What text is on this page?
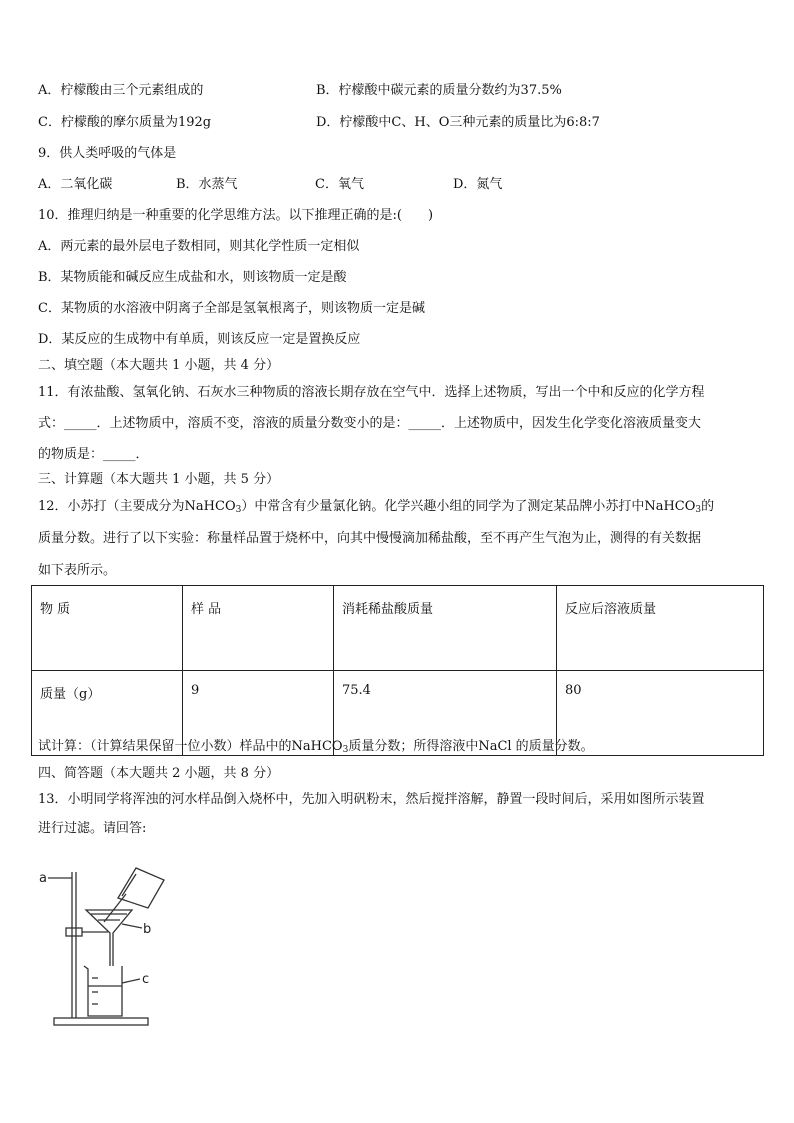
A．柠檬酸由三个元素组成的	B．柠檬酸中碳元素的质量分数约为37.5%
C．柠檬酸的摩尔质量为192g	D．柠檬酸中C、H、O三种元素的质量比为6:8:7
9．供人类呼吸的气体是
A．二氧化碳	B．水蒸气	C．氧气	D．氮气
10．推理归纳是一种重要的化学思维方法。以下推理正确的是:(　　)
A．两元素的最外层电子数相同，则其化学性质一定相似
B．某物质能和碱反应生成盐和水，则该物质一定是酸
C．某物质的水溶液中阴离子全部是氢氧根离子，则该物质一定是碱
D．某反应的生成物中有单质，则该反应一定是置换反应
二、填空题（本大题共 1 小题，共 4 分）
11．有浓盐酸、氢氧化钠、石灰水三种物质的溶液长期存放在空气中．选择上述物质，写出一个中和反应的化学方程
式：_____．上述物质中，溶质不变，溶液的质量分数变小的是：_____．上述物质中，因发生化学变化溶液质量变大
的物质是：_____．
三、计算题（本大题共 1 小题，共 5 分）
12．小苏打（主要成分为NaHCO$_3$）中常含有少量氯化钠。化学兴趣小组的同学为了测定某品牌小苏打中NaHCO$_3$的
质量分数。进行了以下实验：称量样品置于烧杯中，向其中慢慢滴加稀盐酸，至不再产生气泡为止，测得的有关数据
如下表所示。
物 质	样 品	消耗稀盐酸质量	反应后溶液质量
质量（g）	9	75.4	80
试计算：（计算结果保留一位小数）样品中的NaHCO$_3$质量分数；所得溶液中NaCl 的质量分数。
四、简答题（本大题共 2 小题，共 8 分）
13．小明同学将浑浊的河水样品倒入烧杯中，先加入明矾粉末，然后搅拌溶解，静置一段时间后，采用如图所示装置
进行过滤。请回答:
a
b
c
